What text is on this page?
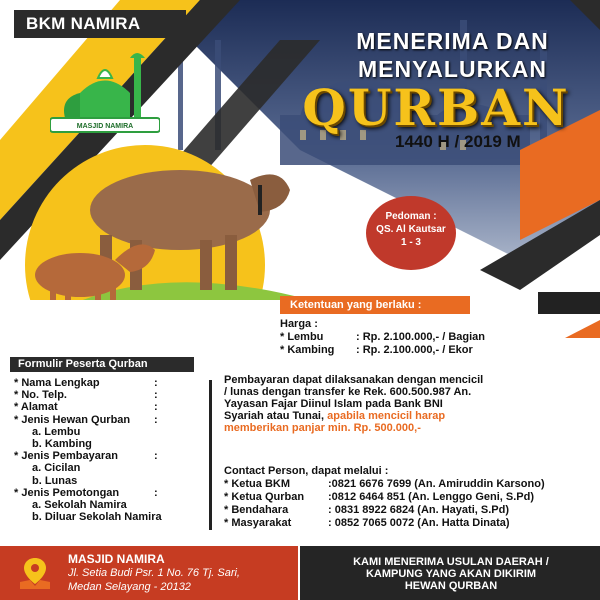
BKM NAMIRA
MASJID NAMIRA
MENERIMA DAN
MENYALURKAN
QURBAN
1440 H / 2019 M
Pedoman :
QS. Al Kautsar
1 - 3
Ketentuan yang berlaku :
Harga :
* Lembu	: Rp. 2.100.000,- / Bagian
* Kambing	: Rp. 2.100.000,- / Ekor
Formulir Peserta Qurban
* Nama Lengkap	:
* No. Telp.	:
* Alamat	:
* Jenis Hewan Qurban	:
a. Lembu
b. Kambing
* Jenis Pembayaran	:
a. Cicilan
b. Lunas
* Jenis Pemotongan	:
a. Sekolah Namira
b. Diluar Sekolah Namira
Pembayaran dapat dilaksanakan dengan mencicil / lunas dengan transfer ke Rek. 600.500.987 An. Yayasan Fajar Diinul Islam pada Bank BNI Syariah atau Tunai, apabila mencicil harap memberikan panjar min. Rp. 500.000,-
Contact Person, dapat melalui :
* Ketua BKM	:0821 6676 7699 (An. Amiruddin Karsono)
* Ketua Qurban	:0812 6464 851 (An. Lenggo Geni, S.Pd)
* Bendahara	: 0831 8922 6824 (An. Hayati, S.Pd)
* Masyarakat	: 0852 7065 0072 (An. Hatta Dinata)
MASJID NAMIRA
Jl. Setia Budi Psr. 1 No. 76 Tj. Sari,
Medan Selayang - 20132
KAMI MENERIMA USULAN DAERAH /
KAMPUNG YANG AKAN DIKIRIM
HEWAN QURBAN
